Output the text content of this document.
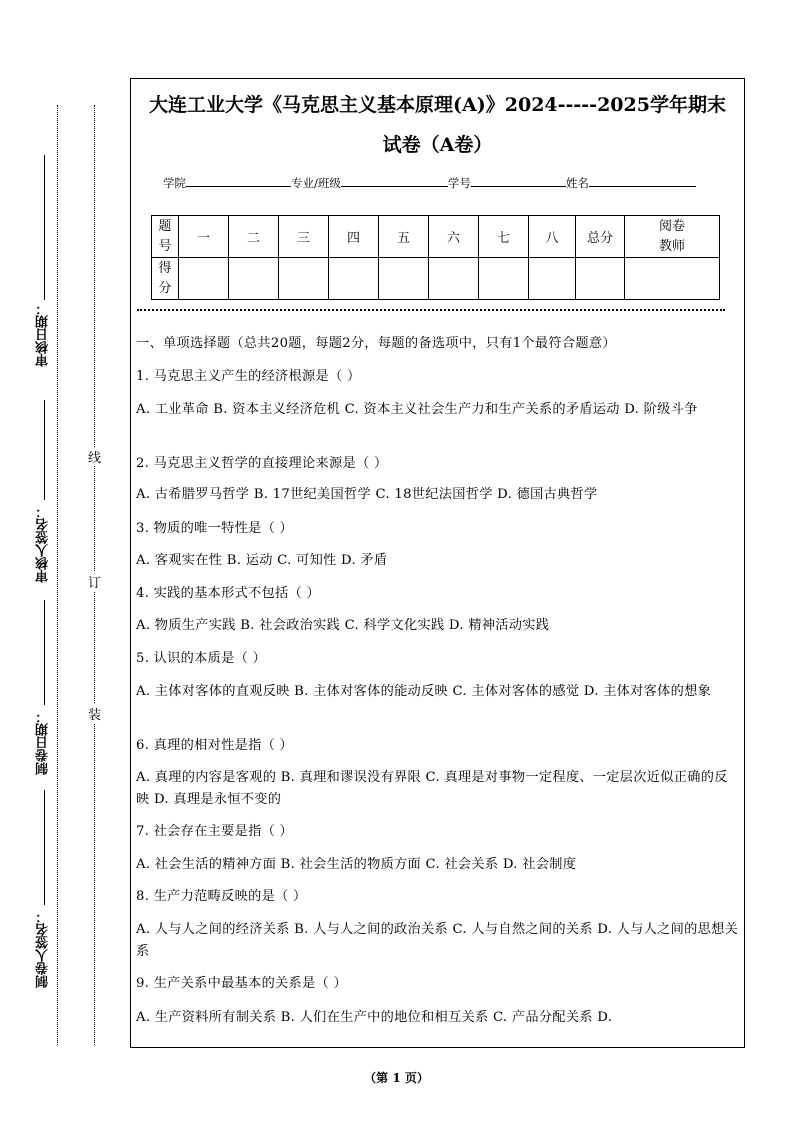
审核日期：
审核人签名：
制卷日期：
制卷人签名：
线
订
装
大连工业大学《马克思主义基本原理(A)》2024-----2025学年期末
试卷（A卷）
学院	专业/班级	学号	姓名
题号	一	二	三	四	五	六	七	八	总分	阅卷教师
得分										
一、单项选择题（总共20题，每题2分，每题的备选项中，只有1个最符合题意）
1. 马克思主义产生的经济根源是（ ）
A. 工业革命 B. 资本主义经济危机 C. 资本主义社会生产力和生产关系的矛盾运动 D. 阶级斗争
2. 马克思主义哲学的直接理论来源是（ ）
A. 古希腊罗马哲学 B. 17世纪美国哲学 C. 18世纪法国哲学 D. 德国古典哲学
3. 物质的唯一特性是（ ）
A. 客观实在性 B. 运动 C. 可知性 D. 矛盾
4. 实践的基本形式不包括（ ）
A. 物质生产实践 B. 社会政治实践 C. 科学文化实践 D. 精神活动实践
5. 认识的本质是（ ）
A. 主体对客体的直观反映 B. 主体对客体的能动反映 C. 主体对客体的感觉 D. 主体对客体的想象
6. 真理的相对性是指（ ）
A. 真理的内容是客观的 B. 真理和谬误没有界限 C. 真理是对事物一定程度、一定层次近似正确的反映 D. 真理是永恒不变的
7. 社会存在主要是指（ ）
A. 社会生活的精神方面 B. 社会生活的物质方面 C. 社会关系 D. 社会制度
8. 生产力范畴反映的是（ ）
A. 人与人之间的经济关系 B. 人与人之间的政治关系 C. 人与自然之间的关系 D. 人与人之间的思想关系
9. 生产关系中最基本的关系是（ ）
A. 生产资料所有制关系 B. 人们在生产中的地位和相互关系 C. 产品分配关系 D.
（第 1 页）
